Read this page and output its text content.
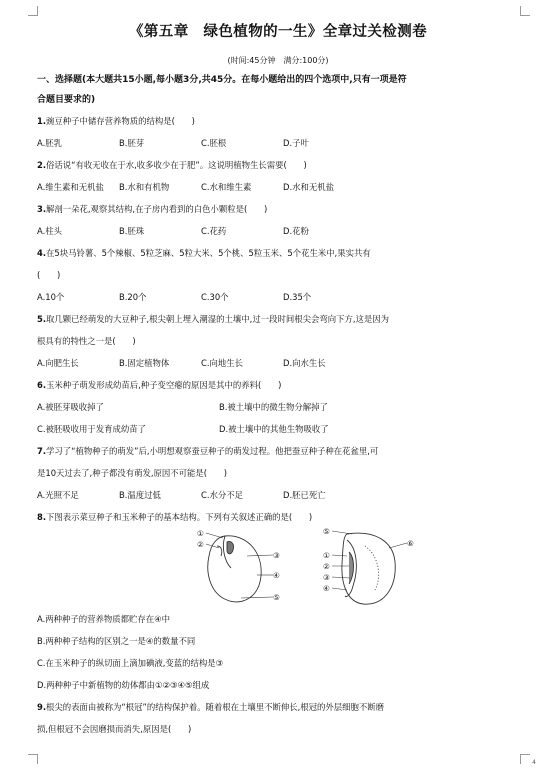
4
《第五章　绿色植物的一生》全章过关检测卷
(时间:45分钟　满分:100分)
一、选择题(本大题共15小题,每小题3分,共45分。在每小题给出的四个选项中,只有一项是符
合题目要求的)
1.豌豆种子中储存营养物质的结构是(　　)
A.胚乳	B.胚芽	C.胚根	D.子叶
2.俗话说“有收无收在于水,收多收少在于肥”。这说明植物生长需要(　　)
A.维生素和无机盐	B.水和有机物	C.水和维生素	D.水和无机盐
3.解剖一朵花,观察其结构,在子房内看到的白色小颗粒是(　　)
A.柱头	B.胚珠	C.花药	D.花粉
4.在5块马铃薯、5个辣椒、5粒芝麻、5粒大米、5个桃、5粒玉米、5个花生米中,果实共有
(　　)
A.10个	B.20个	C.30个	D.35个
5.取几颗已经萌发的大豆种子,根尖朝上埋入潮湿的土壤中,过一段时间根尖会弯向下方,这是因为
根具有的特性之一是(　　)
A.向肥生长	B.固定植物体	C.向地生长	D.向水生长
6.玉米种子萌发形成幼苗后,种子变空瘪的原因是其中的养料(　　)
A.被胚芽吸收掉了	B.被土壤中的微生物分解掉了
C.被胚吸收用于发育成幼苗了	D.被土壤中的其他生物吸收了
7.学习了“植物种子的萌发”后,小明想观察蚕豆种子的萌发过程。他把蚕豆种子种在花盆里,可
是10天过去了,种子都没有萌发,原因不可能是(　　)
A.光照不足	B.温度过低	C.水分不足	D.胚已死亡
8.下图表示菜豆种子和玉米种子的基本结构。下列有关叙述正确的是(　　)
①
②
③
④
⑤
⑤
①
②
③
④
⑥
A.两种种子的营养物质都贮存在④中
B.两种种子结构的区别之一是④的数量不同
C.在玉米种子的纵切面上滴加碘液,变蓝的结构是③
D.两种种子中新植物的幼体都由①②③④⑤组成
9.根尖的表面由被称为“根冠”的结构保护着。随着根在土壤里不断伸长,根冠的外层细胞不断磨
损,但根冠不会因磨损而消失,原因是(　　)
